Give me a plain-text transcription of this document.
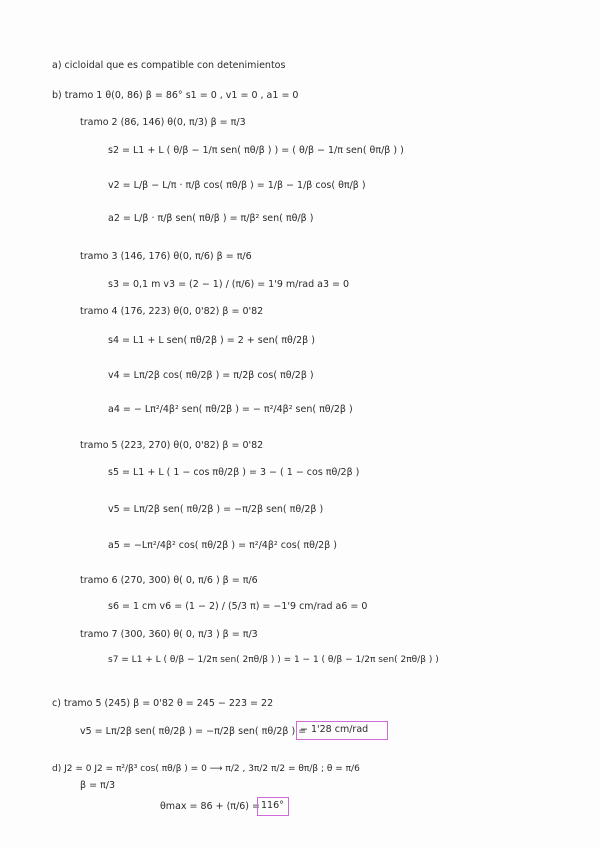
a) cicloidal que es compatible con detenimientos
b) tramo 1 θ(0, 86) β = 86° s1 = 0 , v1 = 0 , a1 = 0
tramo 2 (86, 146) θ(0, π/3) β = π/3
s2 = L1 + L ( θ/β − 1/π sen( πθ/β ) ) = ( θ/β − 1/π sen( θπ/β ) )
v2 = L/β − L/π · π/β cos( πθ/β ) = 1/β − 1/β cos( θπ/β )
a2 = L/β · π/β sen( πθ/β ) = π/β² sen( πθ/β )
tramo 3 (146, 176) θ(0, π/6) β = π/6
s3 = 0,1 m v3 = (2 − 1) / (π/6) = 1'9 m/rad a3 = 0
tramo 4 (176, 223) θ(0, 0'82) β = 0'82
s4 = L1 + L sen( πθ/2β ) = 2 + sen( πθ/2β )
v4 = Lπ/2β cos( πθ/2β ) = π/2β cos( πθ/2β )
a4 = − Lπ²/4β² sen( πθ/2β ) = − π²/4β² sen( πθ/2β )
tramo 5 (223, 270) θ(0, 0'82) β = 0'82
s5 = L1 + L ( 1 − cos πθ/2β ) = 3 − ( 1 − cos πθ/2β )
v5 = Lπ/2β sen( πθ/2β ) = −π/2β sen( πθ/2β )
a5 = −Lπ²/4β² cos( πθ/2β ) = π²/4β² cos( πθ/2β )
tramo 6 (270, 300) θ( 0, π/6 ) β = π/6
s6 = 1 cm v6 = (1 − 2) / (5/3 π) = −1'9 cm/rad a6 = 0
tramo 7 (300, 360) θ( 0, π/3 ) β = π/3
s7 = L1 + L ( θ/β − 1/2π sen( 2πθ/β ) ) = 1 − 1 ( θ/β − 1/2π sen( 2πθ/β ) )
c) tramo 5 (245) β = 0'82 θ = 245 − 223 = 22
v5 = Lπ/2β sen( πθ/2β ) = −π/2β sen( πθ/2β ) =
− 1'28 cm/rad
d) J2 = 0 J2 = π²/β³ cos( πθ/β ) = 0 ⟶ π/2 , 3π/2 π/2 = θπ/β ; θ = π/6
β = π/3
θmax = 86 + (π/6) = 116°
